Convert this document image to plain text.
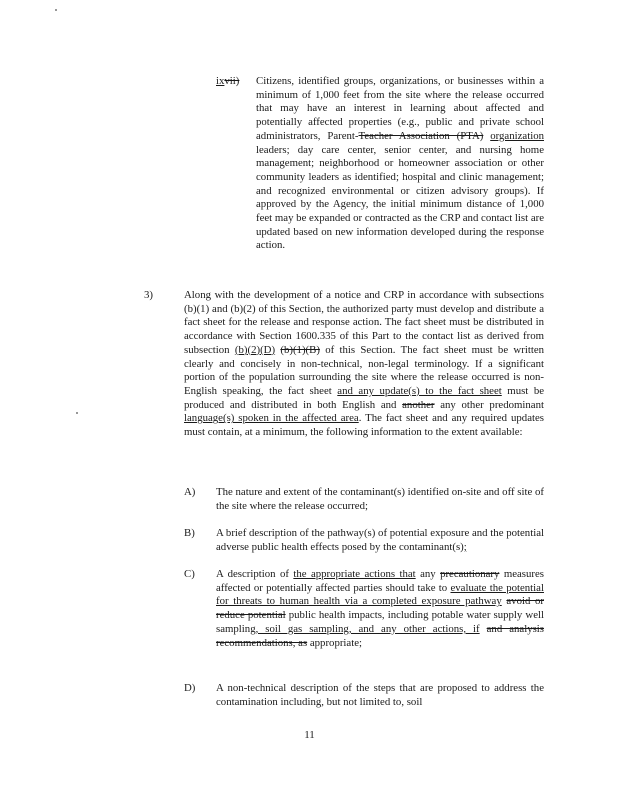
ixvii) Citizens, identified groups, organizations, or businesses within a minimum of 1,000 feet from the site where the release occurred that may have an interest in learning about affected and potentially affected properties (e.g., public and private school administrators, Parent-Teacher Association (PTA) organization leaders; day care center, senior center, and nursing home management; neighborhood or homeowner association or other community leaders as identified; hospital and clinic management; and recognized environmental or citizen advisory groups). If approved by the Agency, the initial minimum distance of 1,000 feet may be expanded or contracted as the CRP and contact list are updated based on new information developed during the response action.
3)	Along with the development of a notice and CRP in accordance with subsections (b)(1) and (b)(2) of this Section, the authorized party must develop and distribute a fact sheet for the release and response action. The fact sheet must be distributed in accordance with Section 1600.335 of this Part to the contact list as derived from subsection (b)(2)(D) (b)(1)(B) of this Section. The fact sheet must be written clearly and concisely in non-technical, non-legal terminology. If a significant portion of the population surrounding the site where the release occurred is non-English speaking, the fact sheet and any update(s) to the fact sheet must be produced and distributed in both English and another any other predominant language(s) spoken in the affected area. The fact sheet and any required updates must contain, at a minimum, the following information to the extent available:
A) The nature and extent of the contaminant(s) identified on-site and off site of the site where the release occurred;
B) A brief description of the pathway(s) of potential exposure and the potential adverse public health effects posed by the contaminant(s);
C) A description of the appropriate actions that any precautionary measures affected or potentially affected parties should take to evaluate the potential for threats to human health via a completed exposure pathway avoid or reduce potential public health impacts, including potable water supply well sampling, soil gas sampling, and any other actions, if and analysis recommendations, as appropriate;
D) A non-technical description of the steps that are proposed to address the contamination including, but not limited to, soil
11
